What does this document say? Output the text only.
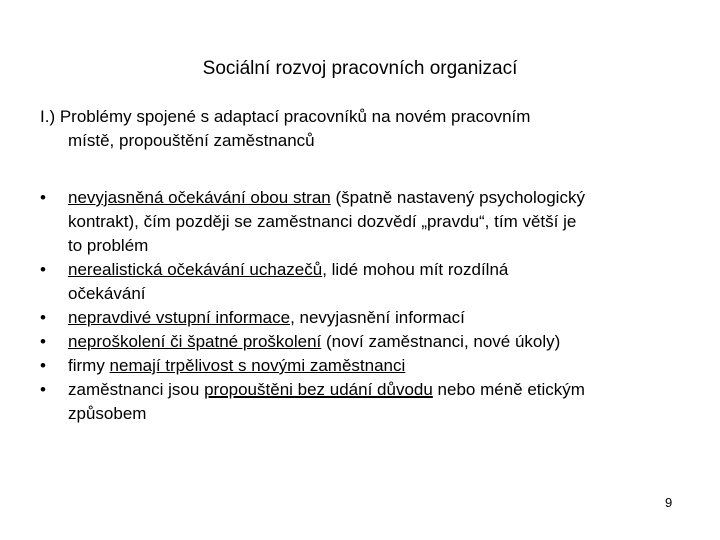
Sociální rozvoj pracovních organizací
I.) Problémy spojené s adaptací pracovníků na novém pracovním
místě, propouštění zaměstnanců
• nevyjasněná očekávání obou stran (špatně nastavený psychologický
kontrakt), čím později se zaměstnanci dozvědí „pravdu“, tím větší je
to problém
• nerealistická očekávání uchazečů, lidé mohou mít rozdílná
očekávání
• nepravdivé vstupní informace, nevyjasnění informací
• neproškolení či špatné proškolení (noví zaměstnanci, nové úkoly)
• firmy nemají trpělivost s novými zaměstnanci
• zaměstnanci jsou propouštěni bez udání důvodu nebo méně etickým
způsobem
9
